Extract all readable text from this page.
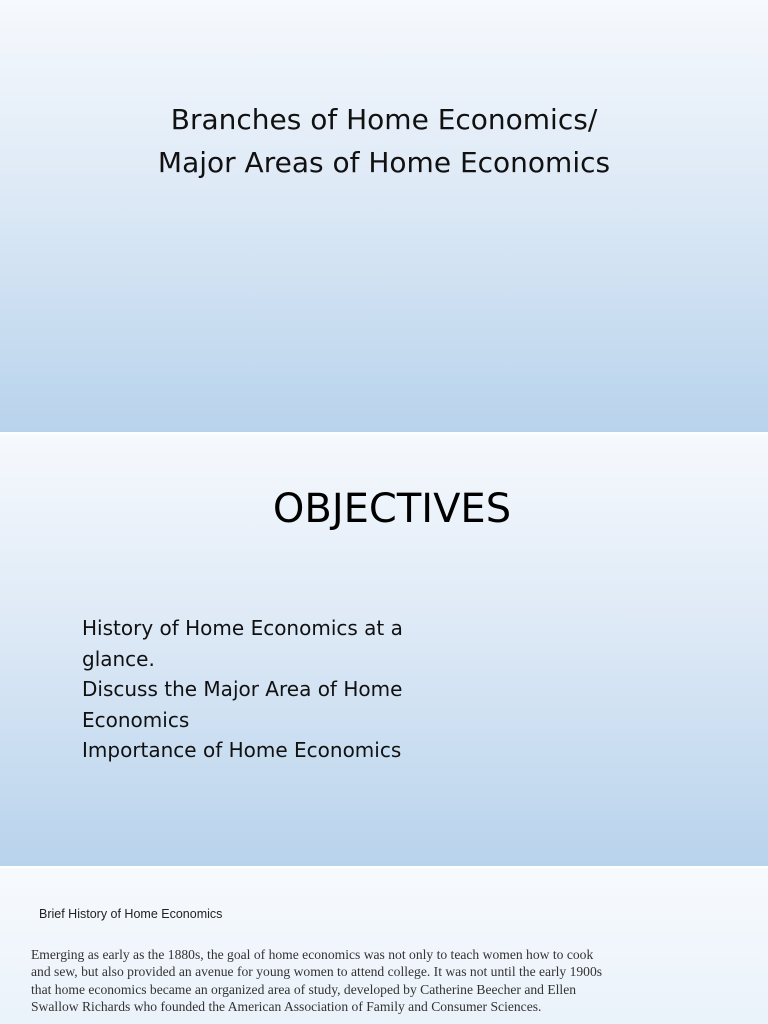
Branches of Home Economics/
Major Areas of Home Economics
OBJECTIVES
History of Home Economics at a
glance.
Discuss the Major Area of Home
Economics
Importance of Home Economics
Brief History of Home Economics

Emerging as early as the 1880s, the goal of home economics was not only to teach women how to cook and sew, but also provided an avenue for young women to attend college. It was not until the early 1900s that home economics became an organized area of study, developed by Catherine Beecher and Ellen Swallow Richards who founded the American Association of Family and Consumer Sciences.
